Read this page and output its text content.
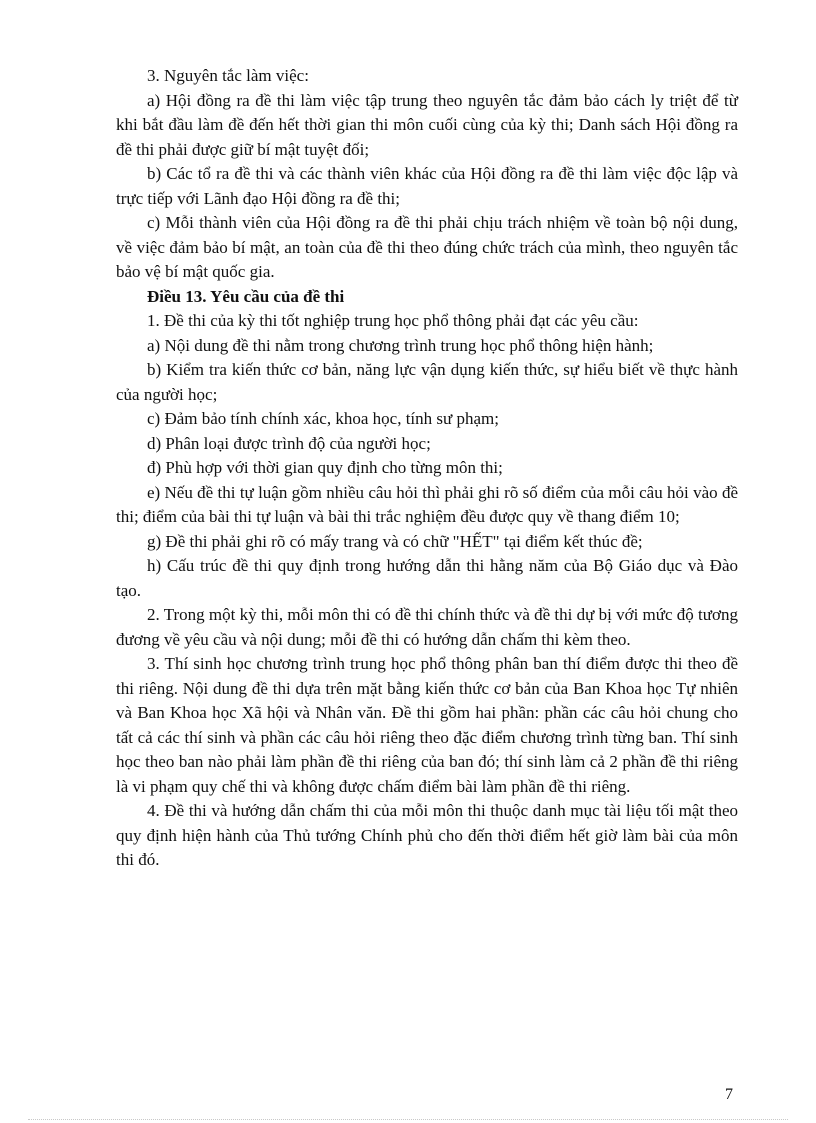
3. Nguyên tắc làm việc:

a) Hội đồng ra đề thi làm việc tập trung theo nguyên tắc đảm bảo cách ly triệt để từ khi bắt đầu làm đề đến hết thời gian thi môn cuối cùng của kỳ thi; Danh sách Hội đồng ra đề thi phải được giữ bí mật tuyệt đối;

b) Các tổ ra đề thi và các thành viên khác của Hội đồng ra đề thi làm việc độc lập và trực tiếp với Lãnh đạo Hội đồng ra đề thi;

c) Mỗi thành viên của Hội đồng ra đề thi phải chịu trách nhiệm về toàn bộ nội dung, về việc đảm bảo bí mật, an toàn của đề thi theo đúng chức trách của mình, theo nguyên tắc bảo vệ bí mật quốc gia.

Điều 13. Yêu cầu của đề thi

1. Đề thi của kỳ thi tốt nghiệp trung học phổ thông phải đạt các yêu cầu:

a) Nội dung đề thi nằm trong chương trình trung học phổ thông hiện hành;

b) Kiểm tra kiến thức cơ bản, năng lực vận dụng kiến thức, sự hiểu biết về thực hành của người học;

c) Đảm bảo tính chính xác, khoa học, tính sư phạm;

d) Phân loại được trình độ của người học;

đ) Phù hợp với thời gian quy định cho từng môn thi;

e) Nếu đề thi tự luận gồm nhiều câu hỏi thì phải ghi rõ số điểm của mỗi câu hỏi vào đề thi; điểm của bài thi tự luận và bài thi trắc nghiệm đều được quy về thang điểm 10;

g) Đề thi phải ghi rõ có mấy trang và có chữ "HẾT" tại điểm kết thúc đề;

h) Cấu trúc đề thi quy định trong hướng dẫn thi hằng năm của Bộ Giáo dục và Đào tạo.

2. Trong một kỳ thi, mỗi môn thi có đề thi chính thức và đề thi dự bị với mức độ tương đương về yêu cầu và nội dung; mỗi đề thi có hướng dẫn chấm thi kèm theo.

3. Thí sinh học chương trình trung học phổ thông phân ban thí điểm được thi theo đề thi riêng. Nội dung đề thi dựa trên mặt bằng kiến thức cơ bản của Ban Khoa học Tự nhiên và Ban Khoa học Xã hội và Nhân văn. Đề thi gồm hai phần: phần các câu hỏi chung cho tất cả các thí sinh và phần các câu hỏi riêng theo đặc điểm chương trình từng ban. Thí sinh học theo ban nào phải làm phần đề thi riêng của ban đó; thí sinh làm cả 2 phần đề thi riêng là vi phạm quy chế thi và không được chấm điểm bài làm phần đề thi riêng.

4. Đề thi và hướng dẫn chấm thi của mỗi môn thi thuộc danh mục tài liệu tối mật theo quy định hiện hành của Thủ tướng Chính phủ cho đến thời điểm hết giờ làm bài của môn thi đó.

7
